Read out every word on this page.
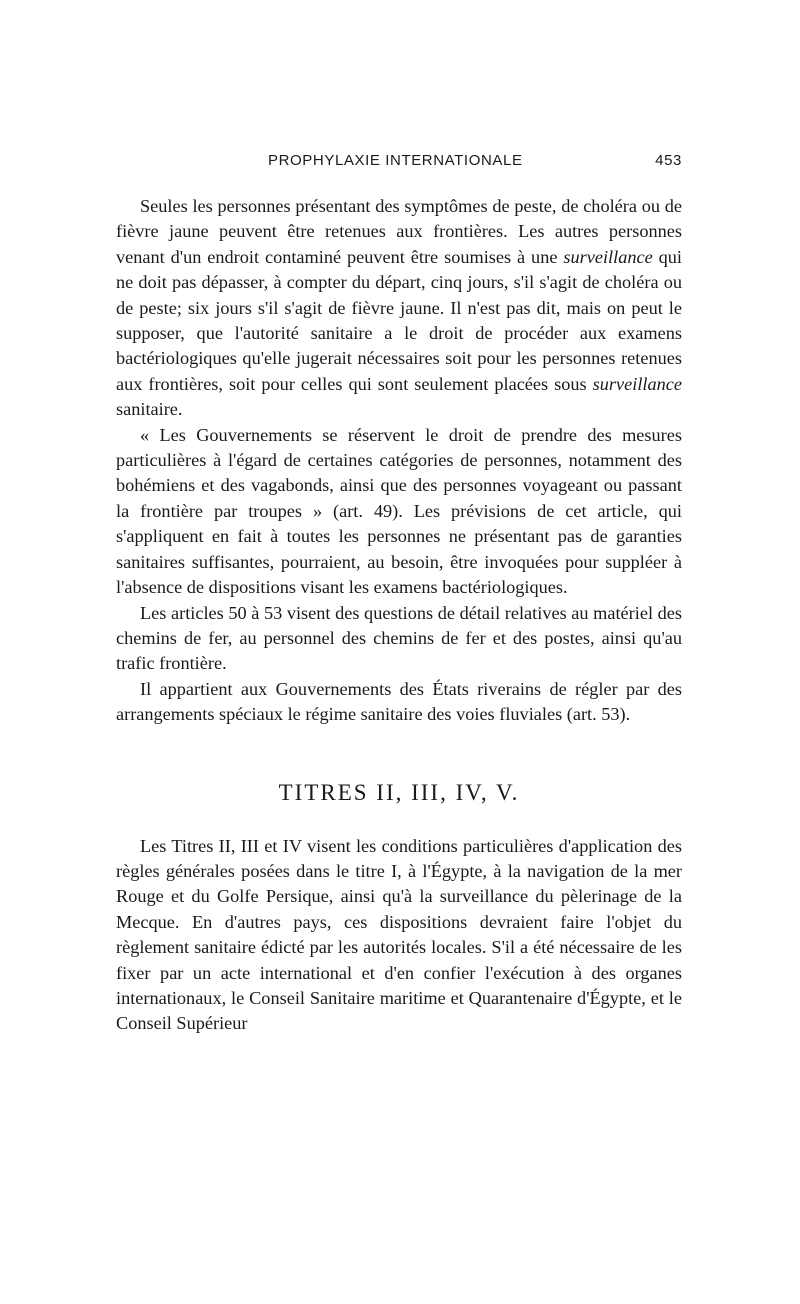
PROPHYLAXIE INTERNATIONALE	453

Seules les personnes présentant des symptômes de peste, de choléra ou de fièvre jaune peuvent être retenues aux frontières. Les autres personnes venant d'un endroit contaminé peuvent être soumises à une surveillance qui ne doit pas dépasser, à compter du départ, cinq jours, s'il s'agit de choléra ou de peste; six jours s'il s'agit de fièvre jaune. Il n'est pas dit, mais on peut le supposer, que l'autorité sanitaire a le droit de procéder aux examens bactériologiques qu'elle jugerait nécessaires soit pour les personnes retenues aux frontières, soit pour celles qui sont seulement placées sous surveillance sanitaire.

« Les Gouvernements se réservent le droit de prendre des mesures particulières à l'égard de certaines catégories de personnes, notamment des bohémiens et des vagabonds, ainsi que des personnes voyageant ou passant la frontière par troupes » (art. 49). Les prévisions de cet article, qui s'appliquent en fait à toutes les personnes ne présentant pas de garanties sanitaires suffisantes, pourraient, au besoin, être invoquées pour suppléer à l'absence de dispositions visant les examens bactériologiques.

Les articles 50 à 53 visent des questions de détail relatives au matériel des chemins de fer, au personnel des chemins de fer et des postes, ainsi qu'au trafic frontière.

Il appartient aux Gouvernements des États riverains de régler par des arrangements spéciaux le régime sanitaire des voies fluviales (art. 53).

TITRES II, III, IV, V.

Les Titres II, III et IV visent les conditions particulières d'application des règles générales posées dans le titre I, à l'Égypte, à la navigation de la mer Rouge et du Golfe Persique, ainsi qu'à la surveillance du pèlerinage de la Mecque. En d'autres pays, ces dispositions devraient faire l'objet du règlement sanitaire édicté par les autorités locales. S'il a été nécessaire de les fixer par un acte international et d'en confier l'exécution à des organes internationaux, le Conseil Sanitaire maritime et Quarantenaire d'Égypte, et le Conseil Supérieur
